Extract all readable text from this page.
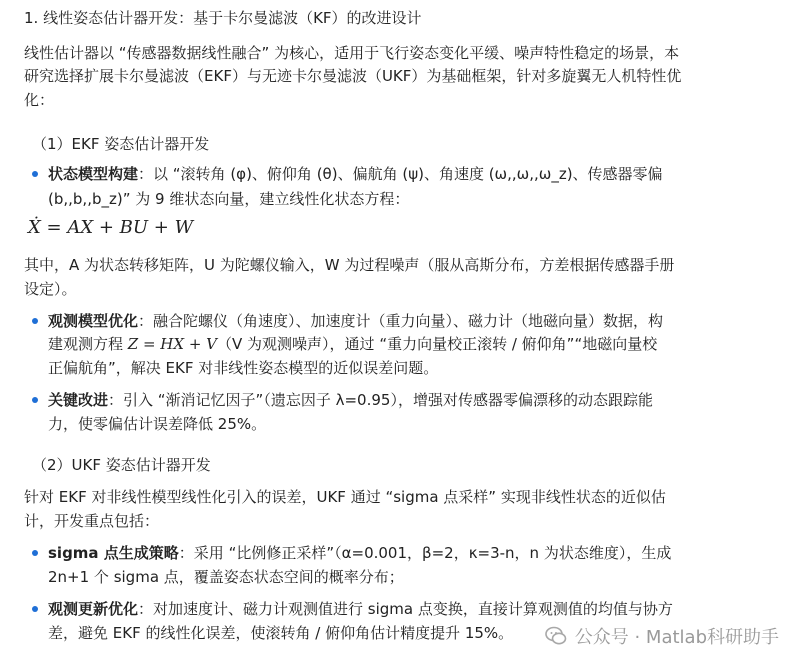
1. 线性姿态估计器开发：基于卡尔曼滤波（KF）的改进设计
线性估计器以 “传感器数据线性融合” 为核心，适用于飞行姿态变化平缓、噪声特性稳定的场景，本
研究选择扩展卡尔曼滤波（EKF）与无迹卡尔曼滤波（UKF）为基础框架，针对多旋翼无人机特性优
化：
（1）EKF 姿态估计器开发
状态模型构建：以 “滚转角 (φ)、俯仰角 (θ)、偏航角 (ψ)、角速度 (ω,,ω,,ω_z)、传感器零偏
(b,,b,,b_z)” 为 9 维状态向量，建立线性化状态方程：
Ẋ = AX + BU + W
其中，A 为状态转移矩阵，U 为陀螺仪输入，W 为过程噪声（服从高斯分布，方差根据传感器手册
设定）。
观测模型优化：融合陀螺仪（角速度）、加速度计（重力向量）、磁力计（地磁向量）数据，构
建观测方程 Z = HX + V（V 为观测噪声），通过 “重力向量校正滚转 / 俯仰角”“地磁向量校
正偏航角”，解决 EKF 对非线性姿态模型的近似误差问题。
关键改进：引入 “渐消记忆因子”（遗忘因子 λ=0.95），增强对传感器零偏漂移的动态跟踪能
力，使零偏估计误差降低 25%。
（2）UKF 姿态估计器开发
针对 EKF 对非线性模型线性化引入的误差，UKF 通过 “sigma 点采样” 实现非线性状态的近似估
计，开发重点包括：
sigma 点生成策略：采用 “比例修正采样”（α=0.001，β=2，κ=3-n，n 为状态维度），生成
2n+1 个 sigma 点，覆盖姿态状态空间的概率分布；
观测更新优化：对加速度计、磁力计观测值进行 sigma 点变换，直接计算观测值的均值与协方
差，避免 EKF 的线性化误差，使滚转角 / 俯仰角估计精度提升 15%。	公众号 · Matlab科研助手
